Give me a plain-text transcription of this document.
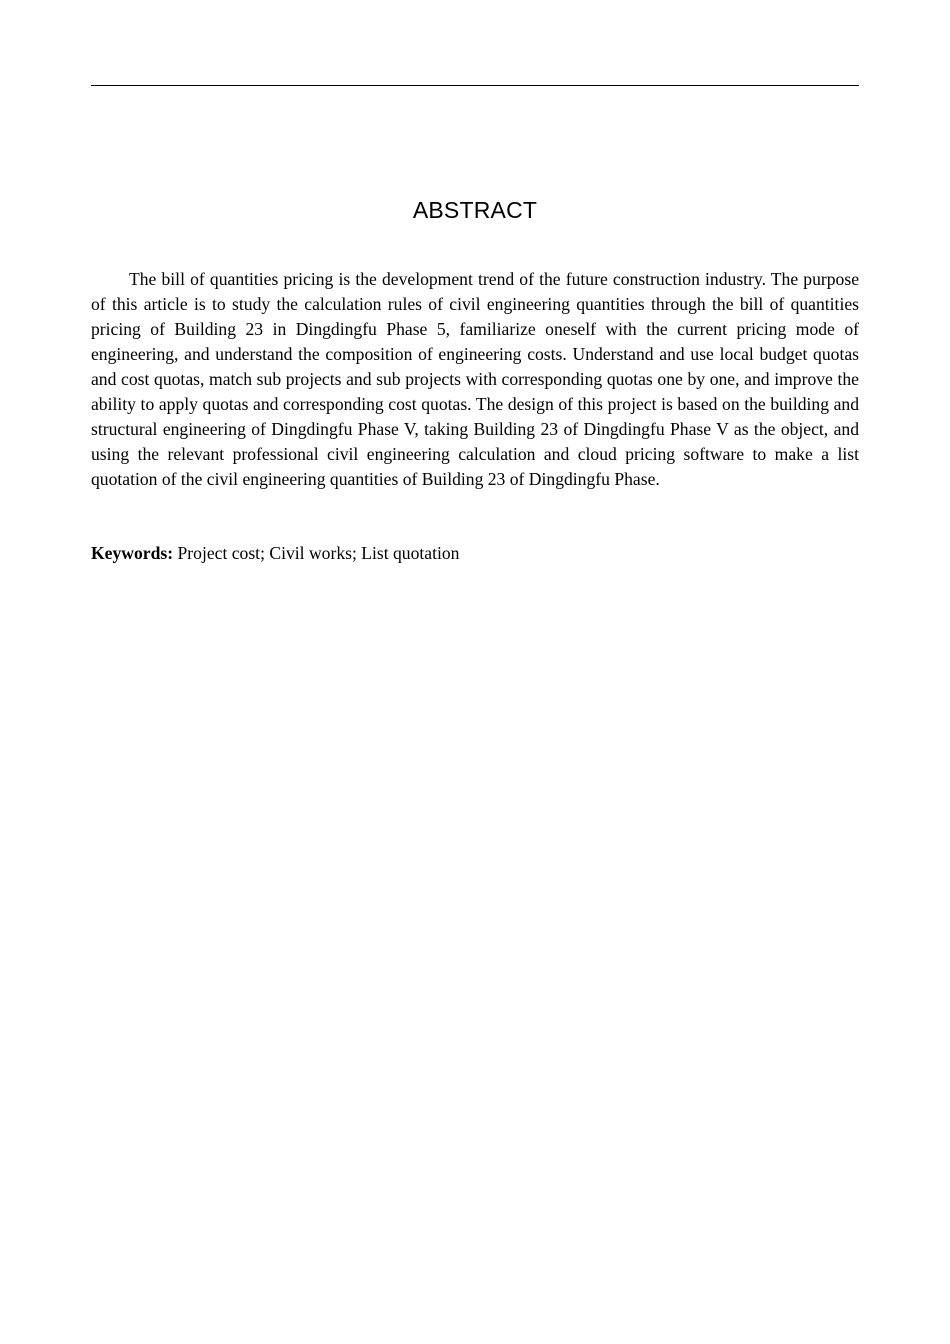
ABSTRACT

The bill of quantities pricing is the development trend of the future construction industry. The purpose of this article is to study the calculation rules of civil engineering quantities through the bill of quantities pricing of Building 23 in Dingdingfu Phase 5, familiarize oneself with the current pricing mode of engineering, and understand the composition of engineering costs. Understand and use local budget quotas and cost quotas, match sub projects and sub projects with corresponding quotas one by one, and improve the ability to apply quotas and corresponding cost quotas. The design of this project is based on the building and structural engineering of Dingdingfu Phase V, taking Building 23 of Dingdingfu Phase V as the object, and using the relevant professional civil engineering calculation and cloud pricing software to make a list quotation of the civil engineering quantities of Building 23 of Dingdingfu Phase.

Keywords: Project cost; Civil works; List quotation
